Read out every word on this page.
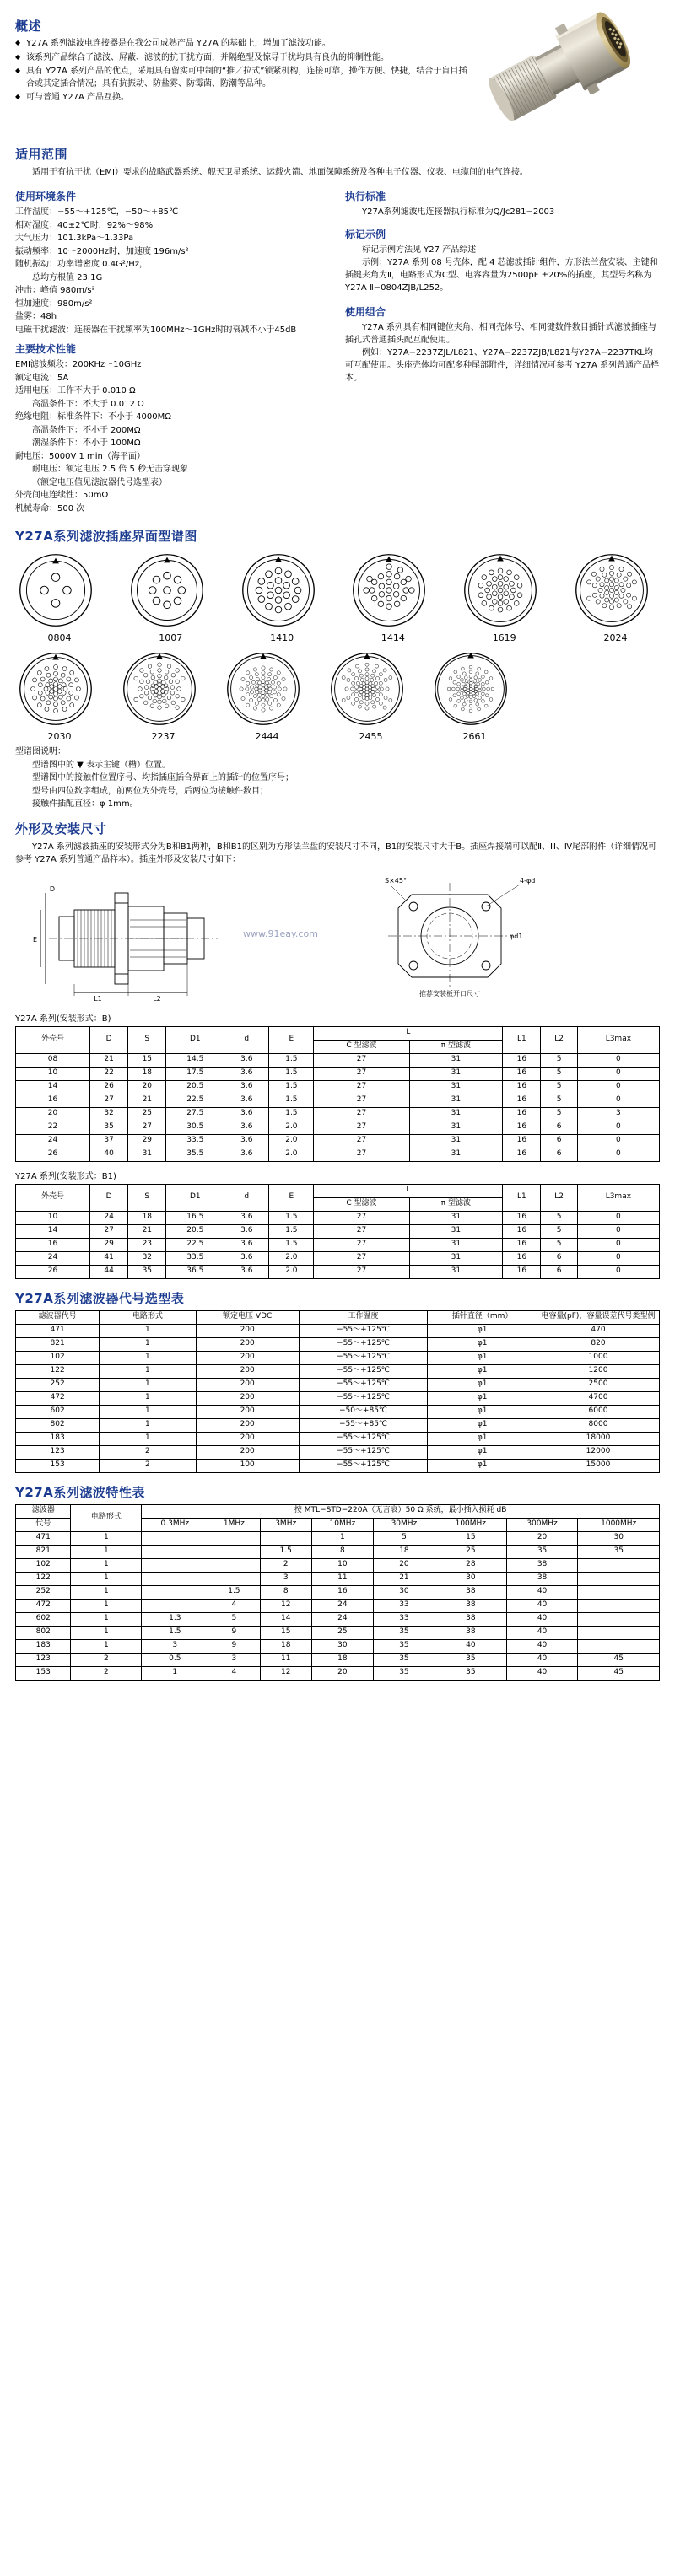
概述
◆ Y27A 系列滤波电连接器是在我公司成熟产品 Y27A 的基础上，增加了滤波功能。
◆ 该系列产品综合了滤波、屏蔽、滤波的抗干扰方面，并隔绝型及惊导于扰均具有良仇的抑制性能。
◆ 具有 Y27A 系列产品的优点，采用具有留实可中制的“推／拉式”锁紧机构，连接可靠，操作方便、快捷，结合于盲目插合或其定插合情况；具有抗振动、防盐雾、防霉菌、防潮等品种。
◆ 可与普通 Y27A 产品互换。
适用范围
适用于有抗干扰（EMI）要求的战略武器系统、舰天卫星系统、运载火箭、地面保障系统及各种电子仪器、仪表、电缆间的电气连接。
使用环境条件
工作温度：−55～+125℃，−50～+85℃
相对湿度：40±2℃时，92%～98%
大气压力：101.3kPa～1.33Pa
振动频率：10～2000Hz时，加速度 196m/s²
随机振动：功率谱密度 0.4G²/Hz，
总均方根值 23.1G
冲击：峰值 980m/s²
恒加速度：980m/s²
盐雾：48h
电磁干扰滤波：连接器在干扰频率为100MHz～1GHz时的衰减不小于45dB
主要技术性能
EMI滤波频段：200KHz～10GHz
额定电流：5A
适用电压：工作不大于 0.010 Ω
高温条件下：不大于 0.012 Ω
绝缘电阻：标准条件下：不小于 4000MΩ
高温条件下：不小于 200MΩ
潮湿条件下：不小于 100MΩ
耐电压：5000V 1 min（海平面）
耐电压：额定电压 2.5 倍 5 秒无击穿现象
（额定电压值见滤波器代号选型表）
外壳间电连续性：50mΩ
机械寿命：500 次
执行标准
Y27A系列滤波电连接器执行标准为Q/Jc281−2003
标记示例
标记示例方法见 Y27 产品综述
示例：Y27A 系列 08 号壳体，配 4 芯滤波插针组件，方形法兰盘安装、主键和插键夹角为Ⅱ，电路形式为C型、电容容量为2500pF ±20%的插座，其型号名称为Y27A Ⅱ−0804ZJB/L252。
使用组合
Y27A 系列具有相同键位夹角、相同壳体号、相同键数件数目插针式滤波插座与插孔式普通插头配互配使用。
例如：Y27A−2237ZJL/L821、Y27A−2237ZJB/L821与Y27A−2237TKL均可互配使用。头座壳体均可配多种尾部附件，详细情况可参考 Y27A 系列普通产品样本。
Y27A系列滤波插座界面型谱图
0804	1007	1410	1414	1619	2024
2030	2237	2444	2455	2661
型谱图说明：
型谱图中的 ▼ 表示主键（槽）位置。
型谱图中的接触件位置序号、均指插座插合界面上的插针的位置序号；
型号由四位数字组成，前两位为外壳号，后两位为接触件数目；
接触件插配直径：φ 1mm。
外形及安装尺寸
Y27A 系列滤波插座的安装形式分为B和B1两种，B和B1的区别为方形法兰盘的安装尺寸不同，B1的安装尺寸大于B。插座焊接端可以配Ⅱ、Ⅲ、Ⅳ尾部附件（详细情况可参考 Y27A 系列普通产品样本）。插座外形及安装尺寸如下：
L1	L2
E
D
www.91eay.com
4-φd
S×45°
φd1
推荐安装板开口尺寸
Y27A 系列(安装形式：B)
外壳号	D	S	D1	d	E	L		L1	L2	L3max
						C 型滤波	π 型滤波			
08	21	15	14.5	3.6	1.5	27	31	16	5	0
10	22	18	17.5	3.6	1.5	27	31	16	5	0
14	26	20	20.5	3.6	1.5	27	31	16	5	0
16	27	21	22.5	3.6	1.5	27	31	16	5	0
20	32	25	27.5	3.6	1.5	27	31	16	5	3
22	35	27	30.5	3.6	2.0	27	31	16	6	0
24	37	29	33.5	3.6	2.0	27	31	16	6	0
26	40	31	35.5	3.6	2.0	27	31	16	6	0
Y27A 系列(安装形式：B1)
外壳号	D	S	D1	d	E	L		L1	L2	L3max
						C 型滤波	π 型滤波			
10	24	18	16.5	3.6	1.5	27	31	16	5	0
14	27	21	20.5	3.6	1.5	27	31	16	5	0
16	29	23	22.5	3.6	1.5	27	31	16	5	0
24	41	32	33.5	3.6	2.0	27	31	16	6	0
26	44	35	36.5	3.6	2.0	27	31	16	6	0
Y27A系列滤波器代号选型表
滤波器代号	电路形式	额定电压 VDC	工作温度	插针直径（mm）	电容量(pF)，容量误差代号类型例
471	1	200	−55～+125℃	φ1	470
821	1	200	−55～+125℃	φ1	820
102	1	200	−55～+125℃	φ1	1000
122	1	200	−55～+125℃	φ1	1200
252	1	200	−55～+125℃	φ1	2500
472	1	200	−55～+125℃	φ1	4700
602	1	200	−50～+85℃	φ1	6000
802	1	200	−55～+85℃	φ1	8000
183	1	200	−55～+125℃	φ1	18000
123	2	200	−55～+125℃	φ1	12000
153	2	100	−55～+125℃	φ1	15000
Y27A系列滤波特性表
滤波器	电路形式	按 MTL−STD−220A（无言衰）50 Ω 系统，最小插入损耗 dB							
代号		0.3MHz	1MHz	3MHz	10MHz	30MHz	100MHz	300MHz	1000MHz
471	1				1	5	15	20	30
821	1			1.5	8	18	25	35	35
102	1			2	10	20	28	38	
122	1			3	11	21	30	38	
252	1		1.5	8	16	30	38	40	
472	1		4	12	24	33	38	40	
602	1	1.3	5	14	24	33	38	40	
802	1	1.5	9	15	25	35	38	40	
183	1	3	9	18	30	35	40	40	
123	2	0.5	3	11	18	35	35	40	45
153	2	1	4	12	20	35	35	40	45
